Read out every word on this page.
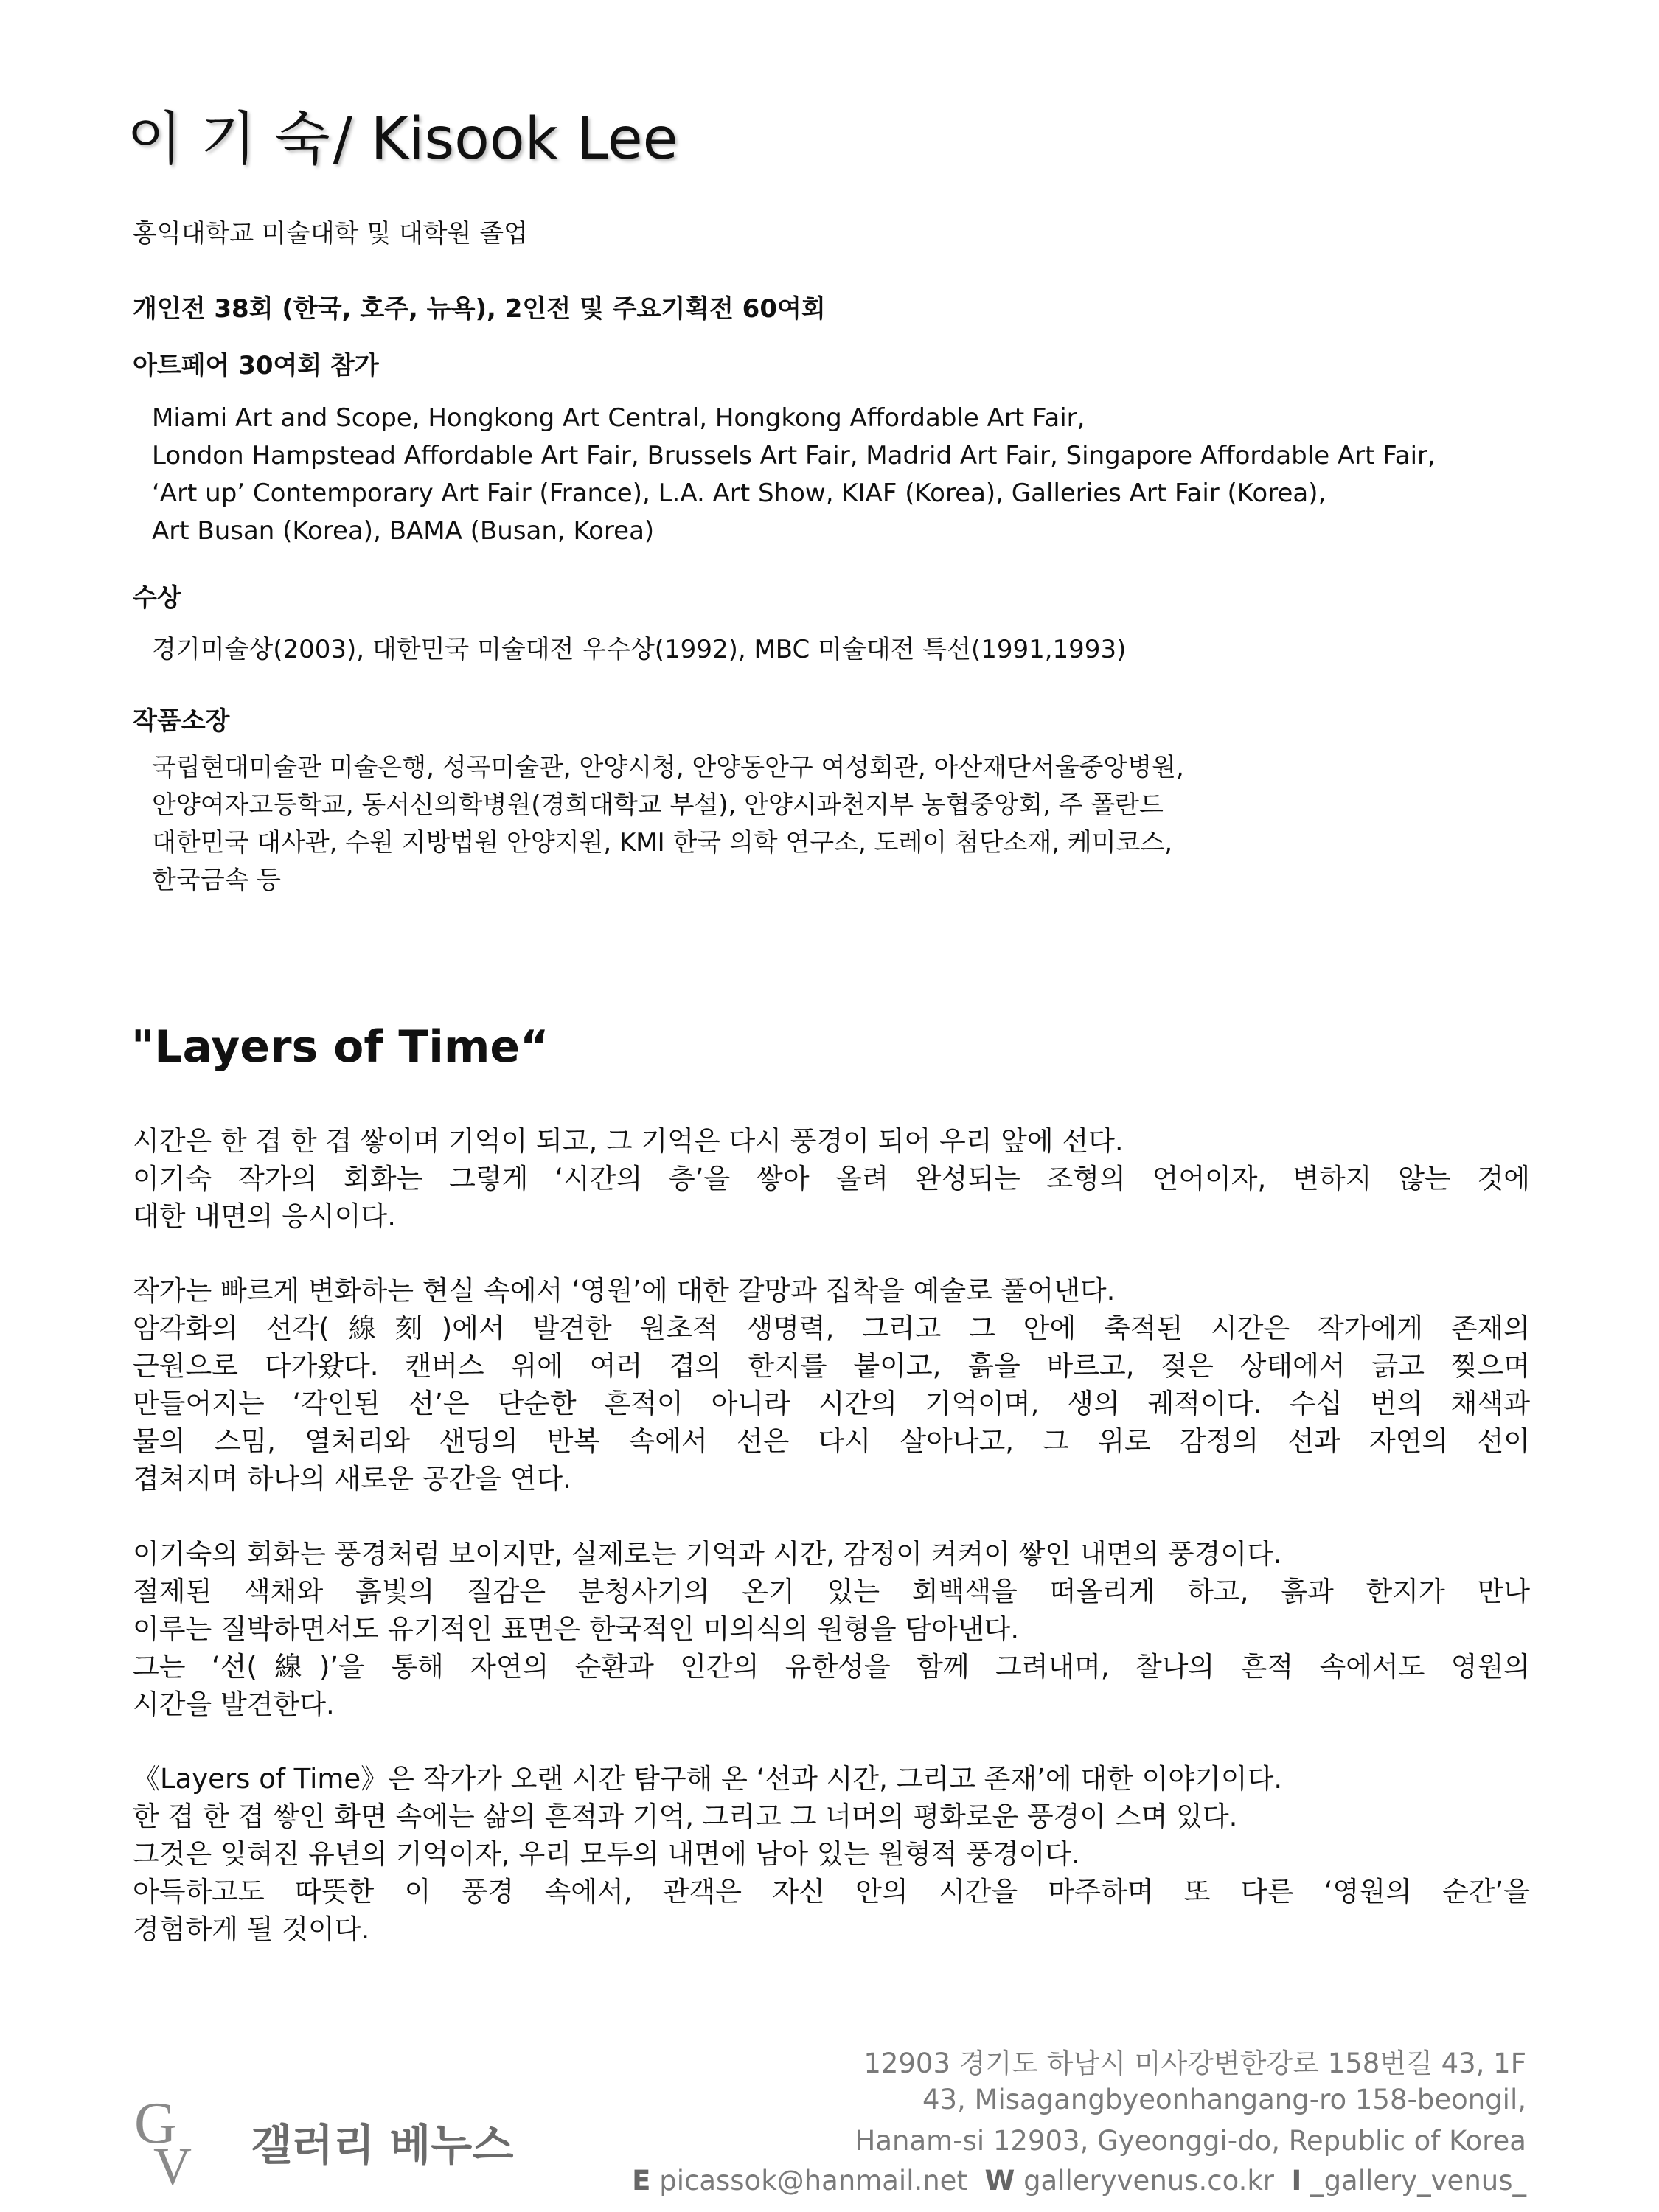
이 기 숙/ Kisook Lee
홍익대학교 미술대학 및 대학원 졸업
개인전 38회 (한국, 호주, 뉴욕), 2인전 및 주요기획전 60여회
아트페어 30여회 참가
Miami Art and Scope, Hongkong Art Central, Hongkong Affordable Art Fair,
London Hampstead Affordable Art Fair, Brussels Art Fair, Madrid Art Fair, Singapore Affordable Art Fair,
‘Art up’ Contemporary Art Fair (France), L.A. Art Show, KIAF (Korea), Galleries Art Fair (Korea),
Art Busan (Korea), BAMA (Busan, Korea)
수상
경기미술상(2003), 대한민국 미술대전 우수상(1992), MBC 미술대전 특선(1991,1993)
작품소장
국립현대미술관 미술은행, 성곡미술관, 안양시청, 안양동안구 여성회관, 아산재단서울중앙병원,
안양여자고등학교, 동서신의학병원(경희대학교 부설), 안양시과천지부 농협중앙회, 주 폴란드
대한민국 대사관, 수원 지방법원 안양지원, KMI 한국 의학 연구소, 도레이 첨단소재, 케미코스,
한국금속 등
"Layers of Time“
시간은 한 겹 한 겹 쌓이며 기억이 되고, 그 기억은 다시 풍경이 되어 우리 앞에 선다.
이기숙 작가의 회화는 그렇게 ‘시간의 층’을 쌓아 올려 완성되는 조형의 언어이자, 변하지 않는 것에
대한 내면의 응시이다.
작가는 빠르게 변화하는 현실 속에서 ‘영원’에 대한 갈망과 집착을 예술로 풀어낸다.
암각화의 선각(線刻)에서 발견한 원초적 생명력, 그리고 그 안에 축적된 시간은 작가에게 존재의
근원으로 다가왔다. 캔버스 위에 여러 겹의 한지를 붙이고, 흙을 바르고, 젖은 상태에서 긁고 찢으며
만들어지는 ‘각인된 선’은 단순한 흔적이 아니라 시간의 기억이며, 생의 궤적이다. 수십 번의 채색과
물의 스밈, 열처리와 샌딩의 반복 속에서 선은 다시 살아나고, 그 위로 감정의 선과 자연의 선이
겹쳐지며 하나의 새로운 공간을 연다.
이기숙의 회화는 풍경처럼 보이지만, 실제로는 기억과 시간, 감정이 켜켜이 쌓인 내면의 풍경이다.
절제된 색채와 흙빛의 질감은 분청사기의 온기 있는 회백색을 떠올리게 하고, 흙과 한지가 만나
이루는 질박하면서도 유기적인 표면은 한국적인 미의식의 원형을 담아낸다.
그는 ‘선(線)’을 통해 자연의 순환과 인간의 유한성을 함께 그려내며, 찰나의 흔적 속에서도 영원의
시간을 발견한다.
《Layers of Time》은 작가가 오랜 시간 탐구해 온 ‘선과 시간, 그리고 존재’에 대한 이야기이다.
한 겹 한 겹 쌓인 화면 속에는 삶의 흔적과 기억, 그리고 그 너머의 평화로운 풍경이 스며 있다.
그것은 잊혀진 유년의 기억이자, 우리 모두의 내면에 남아 있는 원형적 풍경이다.
아득하고도 따뜻한 이 풍경 속에서, 관객은 자신 안의 시간을 마주하며 또 다른 ‘영원의 순간’을
경험하게 될 것이다.
G
V 갤러리 베누스
12903 경기도 하남시 미사강변한강로 158번길 43, 1F
43, Misagangbyeonhangang-ro 158-beongil,
Hanam-si 12903, Gyeonggi-do, Republic of Korea
E picassok@hanmail.net W galleryvenus.co.kr I _gallery_venus_
